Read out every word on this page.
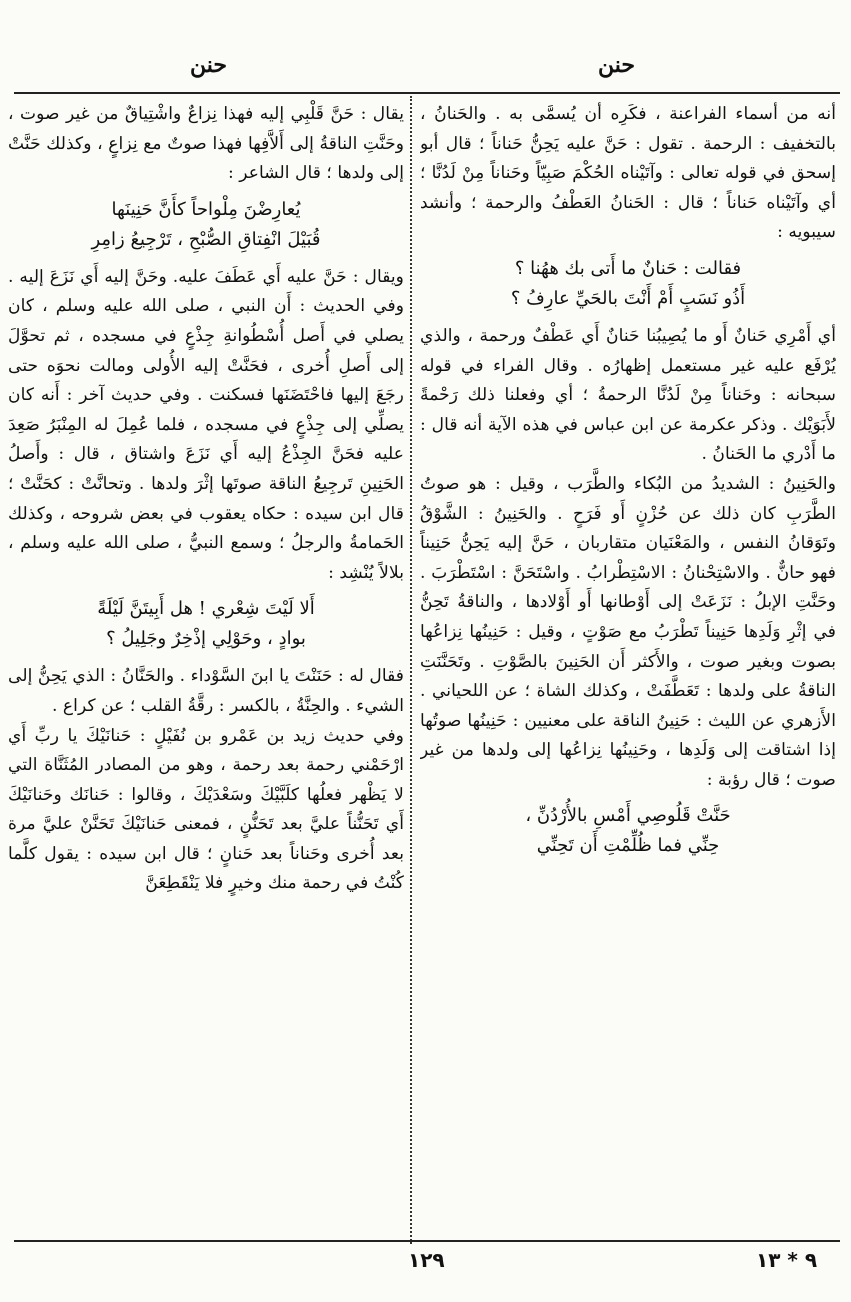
حنن
حنن

أنه من أسماء الفراعنة ، فكَرِه أن يُسمَّى به . والحَنانُ ، بالتخفيف : الرحمة . تقول : حَنَّ عليه يَحِنُّ حَناناً ؛ قال أبو إسحق في قوله تعالى : وآتَيْناه الحُكْمَ صَبِيّاً وحَناناً مِنْ لَدُنَّا ؛ أي وآتَيْناه حَناناً ؛ قال : الحَنانُ العَطْفُ والرحمة ؛ وأنشد سيبويه :

فقالت : حَنانٌ ما أَتى بك ههُنا ؟
أَذُو نَسَبٍ أَمْ أَنْتَ بالحَيِّ عارِفُ ؟

أي أَمْرِي حَنانٌ أَو ما يُصِيبُنا حَنانٌ أَي عَطْفٌ ورحمة ، والذي يُرْفَع عليه غير مستعمل إظهارُه . وقال الفراء في قوله سبحانه : وحَناناً مِنْ لَدُنَّا الرحمةُ ؛ أي وفعلنا ذلك رَحْمةً لأَبَوَيْك . وذكر عكرمة عن ابن عباس في هذه الآية أنه قال : ما أَدْري ما الحَنانُ .

والحَنِينُ : الشديدُ من البُكاء والطَّرَب ، وقيل : هو صوتُ الطَّرَبِ كان ذلك عن حُزْنٍ أَو فَرَحٍ . والحَنِينُ : الشَّوْقُ وتَوَقانُ النفس ، والمَعْنَيان متقاربان ، حَنَّ إليه يَحِنُّ حَنِيناً فهو حانٌّ . والاسْتِحْنانُ : الاسْتِطْرابُ . واسْتَحَنَّ : اسْتَطْرَبَ . وحَنَّتِ الإبلُ : نَزَعَتْ إلى أَوْطانها أَو أَوْلادها ، والناقةُ تَحِنُّ في إثْرِ وَلَدِها حَنِيناً تَطْرَبُ مع صَوْتٍ ، وقيل : حَنِينُها نِزاعُها بصوت وبغير صوت ، والأَكثر أَن الحَنِينَ بالصَّوْتِ . وتَحَنَّنَتِ الناقةُ على ولدها : تَعَطَّفَتْ ، وكذلك الشاة ؛ عن اللحياني . الأَزهري عن الليث : حَنِينُ الناقة على معنيين : حَنِينُها صوتُها إذا اشتاقت إلى وَلَدِها ، وحَنِينُها نِزاعُها إلى ولدها من غير صوت ؛ قال رؤبة :

حَنَّتْ قَلُوصِي أَمْسِ بالأُرْدُنِّ ،
حِنِّي فما ظُلِّمْتِ أَن تَحِنِّي

يقال : حَنَّ قَلْبِي إليه فهذا نِزاعٌ واشْتِياقٌ من غير صوت ، وحَنَّتِ الناقةُ إلى أَلاَّفِها فهذا صوتٌ مع نِزاعٍ ، وكذلك حَنَّتْ إلى ولدها ؛ قال الشاعر :

يُعارِضْنَ مِلْواحاً كأَنَّ حَنِينَها
قُبَيْلَ انْفِتاقِ الصُّبْحِ ، تَرْجِيعُ زامِرِ

ويقال : حَنَّ عليه أَي عَطَفَ عليه. وحَنَّ إليه أَي نَزَعَ إليه . وفي الحديث : أَن النبي ، صلى الله عليه وسلم ، كان يصلي في أَصل أُسْطُوانةِ جِذْعٍ في مسجده ، ثم تحوَّلَ إلى أَصلِ أُخرى ، فحَنَّتْ إليه الأُولى ومالت نحوَه حتى رجَعَ إليها فاحْتَضَنَها فسكنت . وفي حديث آخر : أَنه كان يصلِّي إلى جِذْعٍ في مسجده ، فلما عُمِلَ له المِنْبَرُ صَعِدَ عليه فحَنَّ الجِذْعُ إليه أَي نَزَعَ واشتاق ، قال : وأَصلُ الحَنِينِ تَرجِيعُ الناقة صوتَها إثْرَ ولدها . وتحانَّتْ : كحَنَّتْ ؛ قال ابن سيده : حكاه يعقوب في بعض شروحه ، وكذلك الحَمامةُ والرجلُ ؛ وسمع النبيُّ ، صلى الله عليه وسلم ، بلالاً يُنْشِد :

أَلا لَيْتَ شِعْري ! هل أَبِيتَنَّ لَيْلَةً
بوادٍ ، وحَوْلِي إذْخِرٌ وجَلِيلُ ؟

فقال له : حَنَنْتَ يا ابنَ السَّوْداء . والحَنَّانُ : الذي يَحِنُّ إلى الشيء . والحِنَّةُ ، بالكسر : رقَّةُ القلب ؛ عن كراع .

وفي حديث زيد بن عَمْرو بن نُفَيْلٍ : حَنانَيْكَ يا ربِّ أَي ارْحَمْني رحمة بعد رحمة ، وهو من المصادر المُثَنَّاة التي لا يَظْهر فعلُها كلَبَّيْكَ وسَعْدَيْكَ ، وقالوا : حَنانَك وحَنانَيْكَ أَي تَحَنُّناً عليَّ بعد تَحَنُّنٍ ، فمعنى حَنانَيْكَ تَحَنَّنْ عليَّ مرة بعد أُخرى وحَناناً بعد حَنانٍ ؛ قال ابن سيده : يقول كلَّما كُنْتُ في رحمة منك وخيرٍ فلا يَنْقَطِعَنَّ

١٢٩	٩ * ١٣
